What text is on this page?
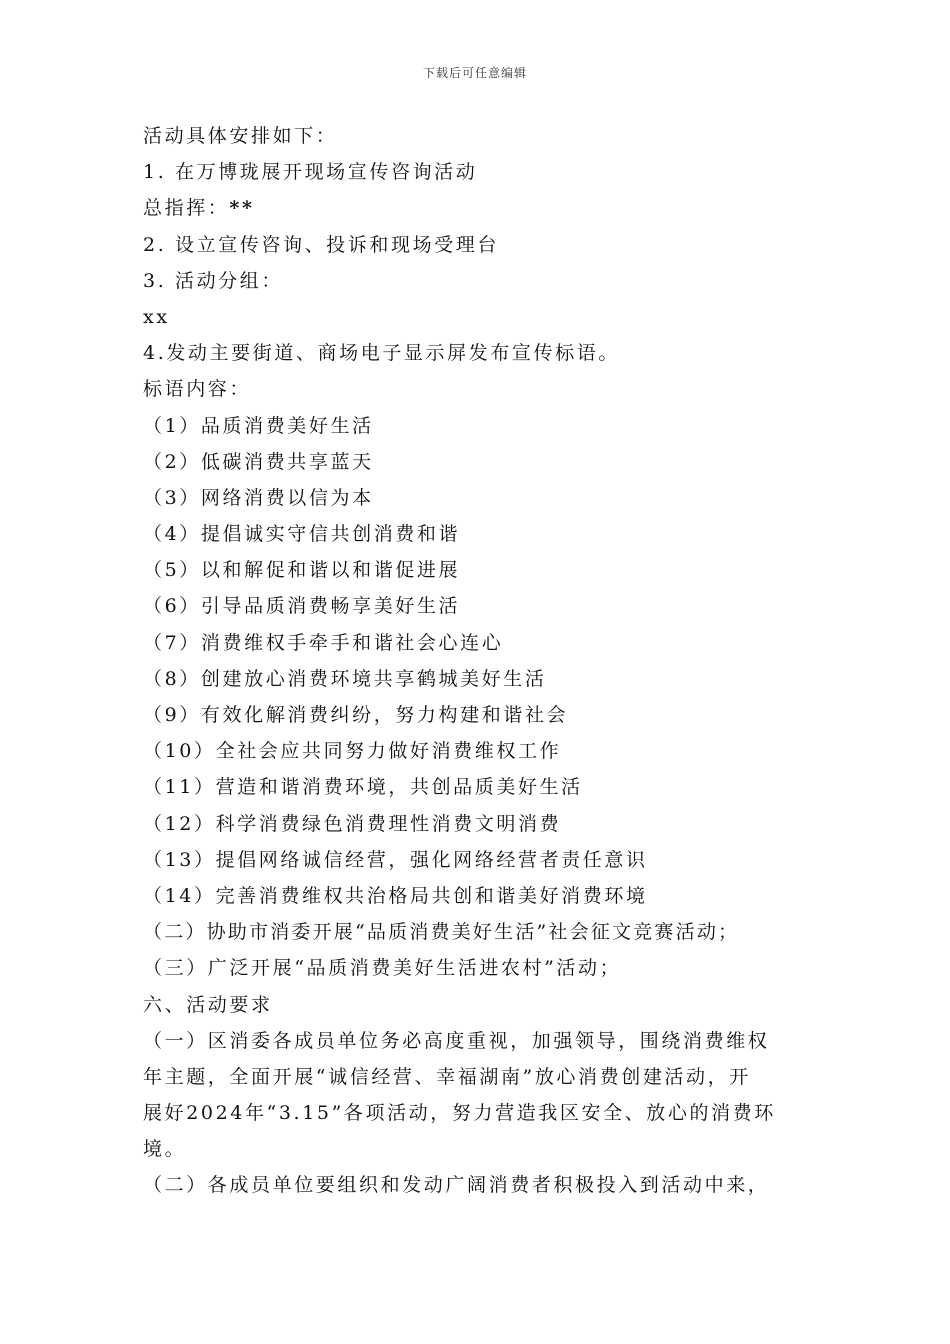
下载后可任意编辑
活动具体安排如下：
1. 在万博珑展开现场宣传咨询活动
总指挥：**
2. 设立宣传咨询、投诉和现场受理台
3. 活动分组：
xx
4.发动主要街道、商场电子显示屏发布宣传标语。
标语内容：
（1）品质消费美好生活
（2）低碳消费共享蓝天
（3）网络消费以信为本
（4）提倡诚实守信共创消费和谐
（5）以和解促和谐以和谐促进展
（6）引导品质消费畅享美好生活
（7）消费维权手牵手和谐社会心连心
（8）创建放心消费环境共享鹤城美好生活
（9）有效化解消费纠纷，努力构建和谐社会
（10）全社会应共同努力做好消费维权工作
（11）营造和谐消费环境，共创品质美好生活
（12）科学消费绿色消费理性消费文明消费
（13）提倡网络诚信经营，强化网络经营者责任意识
（14）完善消费维权共治格局共创和谐美好消费环境
（二）协助市消委开展“品质消费美好生活”社会征文竞赛活动；
（三）广泛开展“品质消费美好生活进农村”活动；
六、活动要求
（一）区消委各成员单位务必高度重视，加强领导，围绕消费维权
年主题，全面开展“诚信经营、幸福湖南”放心消费创建活动，开
展好2024年“3.15”各项活动，努力营造我区安全、放心的消费环
境。
（二）各成员单位要组织和发动广阔消费者积极投入到活动中来，
